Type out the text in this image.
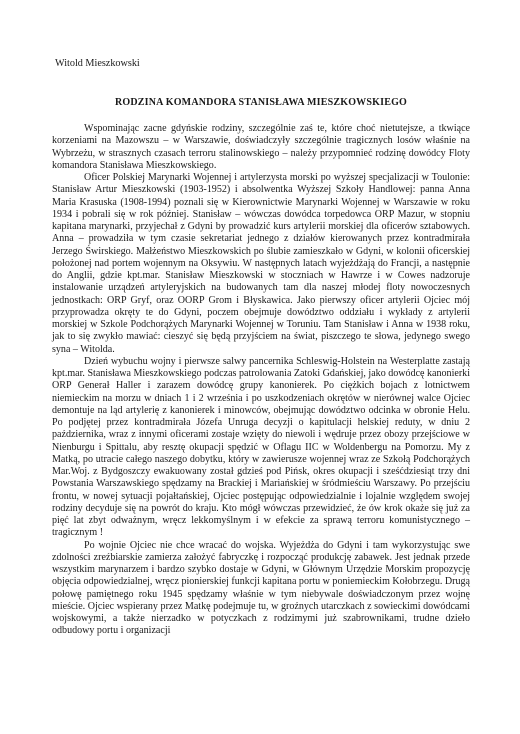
Witold Mieszkowski
RODZINA KOMANDORA STANISŁAWA MIESZKOWSKIEGO

Wspominając zacne gdyńskie rodziny, szczególnie zaś te, które choć nietutejsze, a tkwiące korzeniami na Mazowszu – w Warszawie, doświadczyły szczególnie tragicznych losów właśnie na Wybrzeżu, w strasznych czasach terroru stalinowskiego – należy przypomnieć rodzinę dowódcy Floty komandora Stanisława Mieszkowskiego.

Oficer Polskiej Marynarki Wojennej i artylerzysta morski po wyższej specjalizacji w Toulonie: Stanisław Artur Mieszkowski (1903-1952) i absolwentka Wyższej Szkoły Handlowej: panna Anna Maria Krasuska (1908-1994) poznali się w Kierownictwie Marynarki Wojennej w Warszawie w roku 1934 i pobrali się w rok później. Stanisław – wówczas dowódca torpedowca ORP Mazur, w stopniu kapitana marynarki, przyjechał z Gdyni by prowadzić kurs artylerii morskiej dla oficerów sztabowych. Anna – prowadziła w tym czasie sekretariat jednego z działów kierowanych przez kontradmirała Jerzego Świrskiego. Małżeństwo Mieszkowskich po ślubie zamieszkało w Gdyni, w kolonii oficerskiej położonej nad portem wojennym na Oksywiu. W następnych latach wyjeżdżają do Francji, a następnie do Anglii, gdzie kpt.mar. Stanisław Mieszkowski w stoczniach w Hawrze i w Cowes nadzoruje instalowanie urządzeń artyleryjskich na budowanych tam dla naszej młodej floty nowoczesnych jednostkach: ORP Gryf, oraz OORP Grom i Błyskawica. Jako pierwszy oficer artylerii Ojciec mój przyprowadza okręty te do Gdyni, poczem obejmuje dowództwo oddziału i wykłady z artylerii morskiej w Szkole Podchorążych Marynarki Wojennej w Toruniu. Tam Stanisław i Anna w 1938 roku, jak to się zwykło mawiać: cieszyć się będą przyjściem na świat, piszczego te słowa, jedynego swego syna – Witolda.

Dzień wybuchu wojny i pierwsze salwy pancernika Schleswig-Holstein na Westerplatte zastają kpt.mar. Stanisława Mieszkowskiego podczas patrolowania Zatoki Gdańskiej, jako dowódcę kanonierki ORP Generał Haller i zarazem dowódcę grupy kanonierek. Po ciężkich bojach z lotnictwem niemieckim na morzu w dniach 1 i 2 września i po uszkodzeniach okrętów w nierównej walce Ojciec demontuje na ląd artylerię z kanonierek i minowców, obejmując dowództwo odcinka w obronie Helu. Po podjętej przez kontradmirała Józefa Unruga decyzji o kapitulacji helskiej reduty, w dniu 2 października, wraz z innymi oficerami zostaje wzięty do niewoli i wędruje przez obozy przejściowe w Nienburgu i Spittalu, aby resztę okupacji spędzić w Oflagu IIC w Woldenbergu na Pomorzu. My z Matką, po utracie całego naszego dobytku, który w zawierusze wojennej wraz ze Szkołą Podchorążych Mar.Woj. z Bydgoszczy ewakuowany został gdzieś pod Pińsk, okres okupacji i sześćdziesiąt trzy dni Powstania Warszawskiego spędzamy na Brackiej i Mariańskiej w śródmieściu Warszawy. Po przejściu frontu, w nowej sytuacji pojałtańskiej, Ojciec postępując odpowiedzialnie i lojalnie względem swojej rodziny decyduje się na powrót do kraju. Kto mógł wówczas przewidzieć, że ów krok okaże się już za pięć lat zbyt odważnym, wręcz lekkomyślnym i w efekcie za sprawą terroru komunistycznego – tragicznym !

Po wojnie Ojciec nie chce wracać do wojska. Wyjeżdża do Gdyni i tam wykorzystując swe zdolności zreźbiarskie zamierza założyć fabryczkę i rozpocząć produkcję zabawek. Jest jednak przede wszystkim marynarzem i bardzo szybko dostaje w Gdyni, w Głównym Urzędzie Morskim propozycję objęcia odpowiedzialnej, wręcz pionierskiej funkcji kapitana portu w poniemieckim Kołobrzegu. Drugą połowę pamiętnego roku 1945 spędzamy właśnie w tym niebywale doświadczonym przez wojnę mieście. Ojciec wspierany przez Matkę podejmuje tu, w groźnych utarczkach z sowieckimi dowódcami wojskowymi, a także nierzadko w potyczkach z rodzimymi już szabrownikami, trudne dzieło odbudowy portu i organizacji
